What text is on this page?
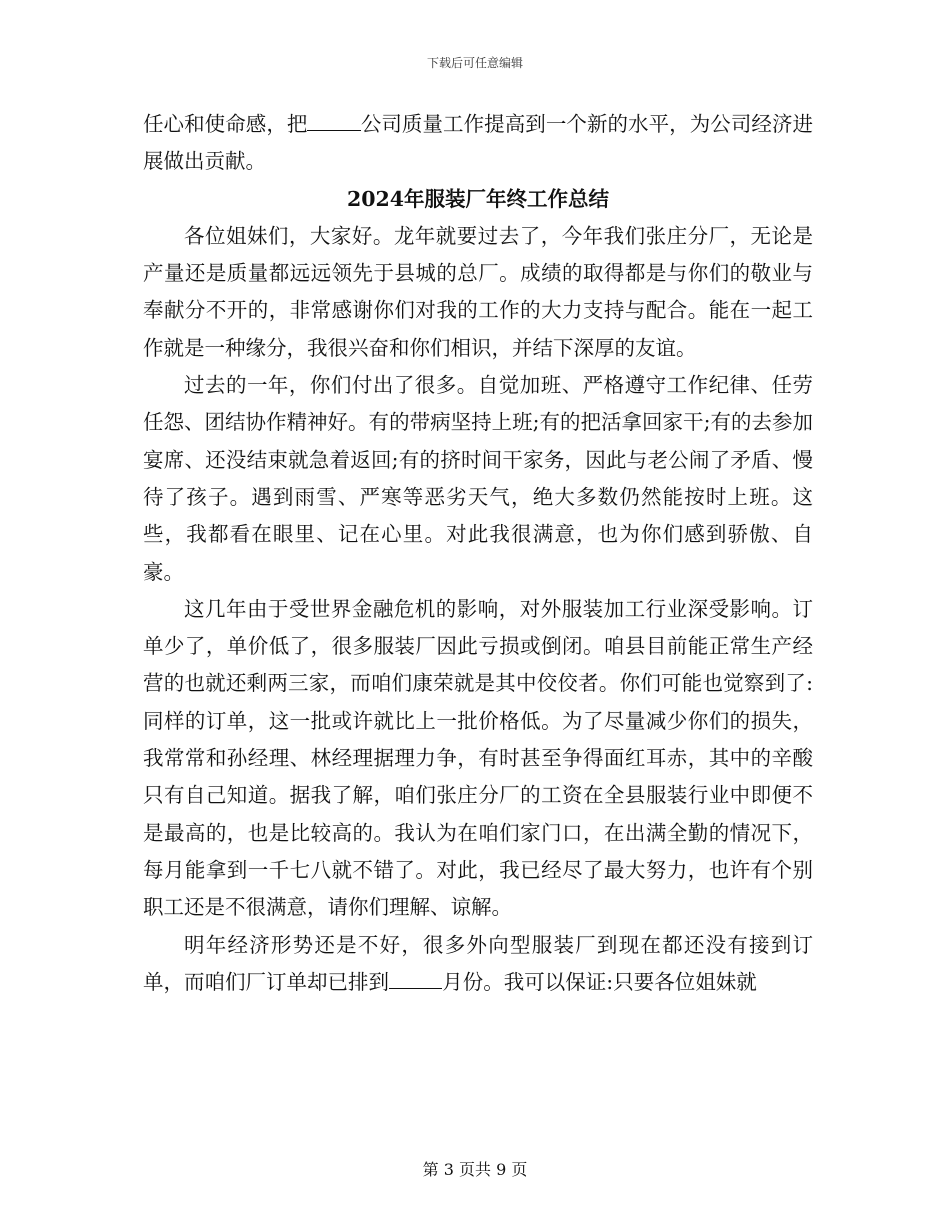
下载后可任意编辑

任心和使命感，把	公司质量工作提高到一个新的水平，为公司经济进展做出贡献。

2024年服装厂年终工作总结

各位姐妹们，大家好。龙年就要过去了，今年我们张庄分厂，无论是产量还是质量都远远领先于县城的总厂。成绩的取得都是与你们的敬业与奉献分不开的，非常感谢你们对我的工作的大力支持与配合。能在一起工作就是一种缘分，我很兴奋和你们相识，并结下深厚的友谊。

过去的一年，你们付出了很多。自觉加班、严格遵守工作纪律、任劳任怨、团结协作精神好。有的带病坚持上班;有的把活拿回家干;有的去参加宴席、还没结束就急着返回;有的挤时间干家务，因此与老公闹了矛盾、慢待了孩子。遇到雨雪、严寒等恶劣天气，绝大多数仍然能按时上班。这些，我都看在眼里、记在心里。对此我很满意，也为你们感到骄傲、自豪。

这几年由于受世界金融危机的影响，对外服装加工行业深受影响。订单少了，单价低了，很多服装厂因此亏损或倒闭。咱县目前能正常生产经营的也就还剩两三家，而咱们康荣就是其中佼佼者。你们可能也觉察到了:同样的订单，这一批或许就比上一批价格低。为了尽量减少你们的损失，我常常和孙经理、林经理据理力争，有时甚至争得面红耳赤，其中的辛酸只有自己知道。据我了解，咱们张庄分厂的工资在全县服装行业中即便不是最高的，也是比较高的。我认为在咱们家门口，在出满全勤的情况下，每月能拿到一千七八就不错了。对此，我已经尽了最大努力，也许有个别职工还是不很满意，请你们理解、谅解。

明年经济形势还是不好，很多外向型服装厂到现在都还没有接到订单，而咱们厂订单却已排到	月份。我可以保证:只要各位姐妹就

第 3 页共 9 页
